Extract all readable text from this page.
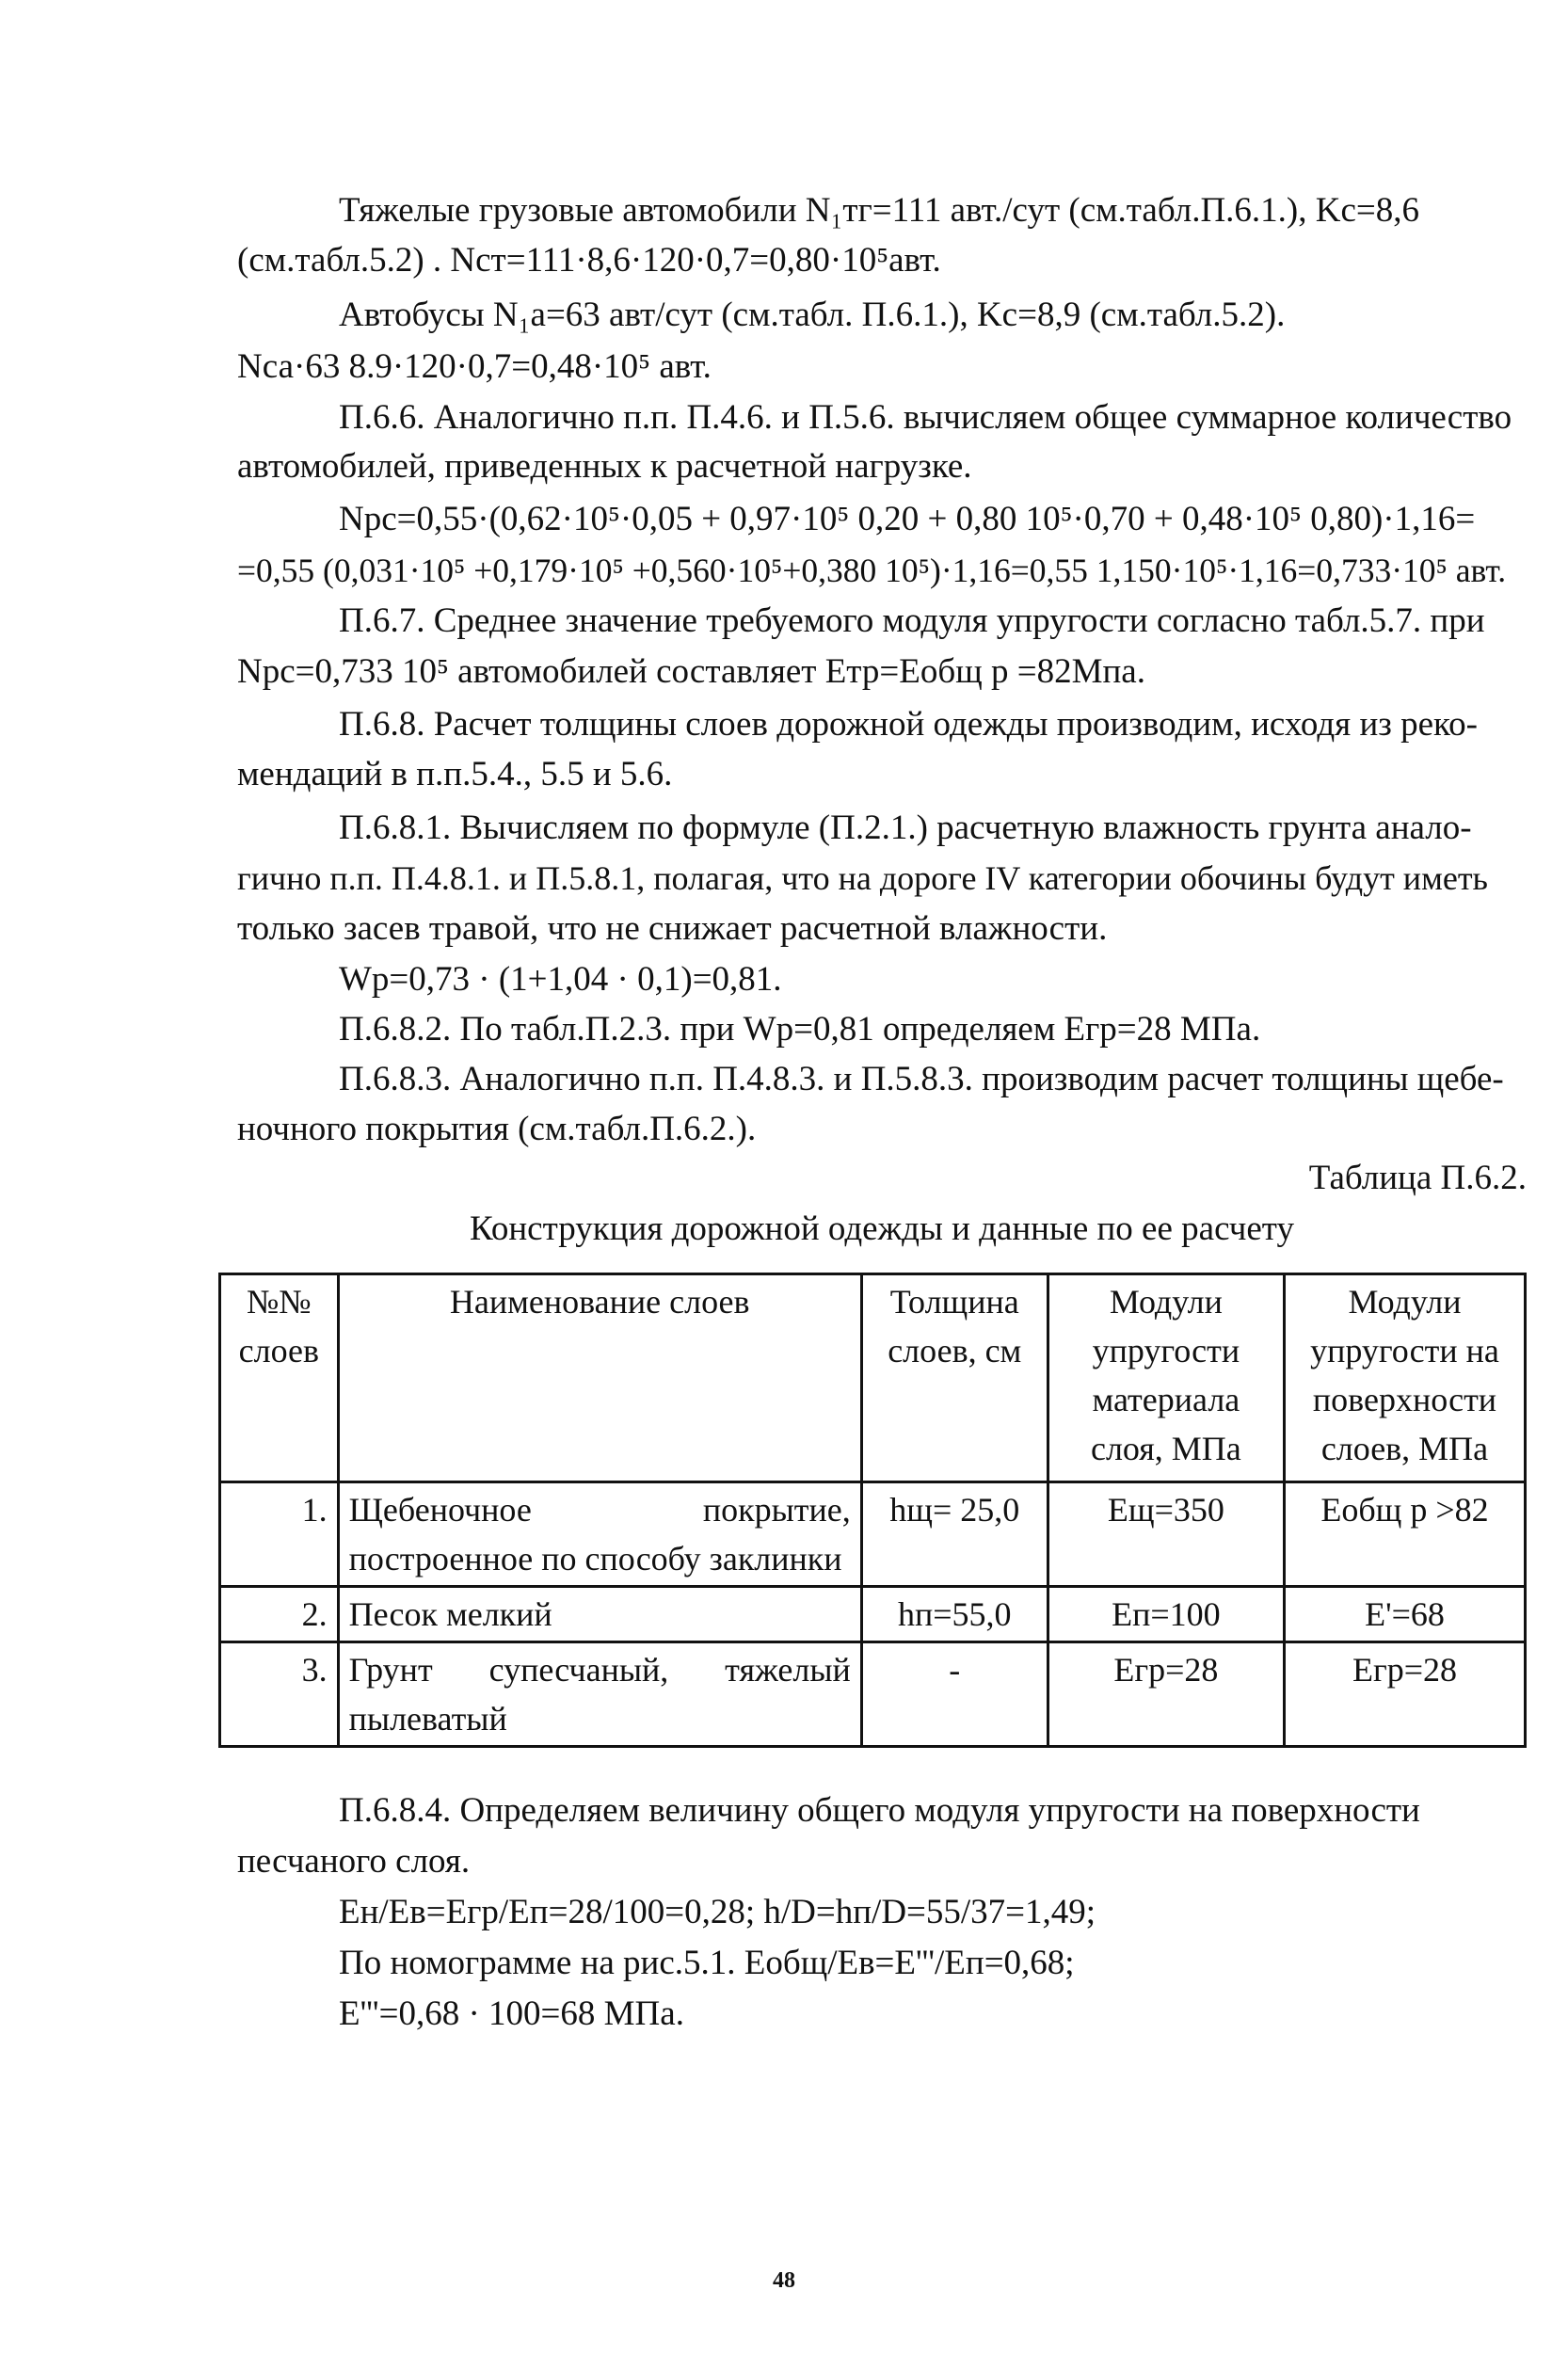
Тяжелые грузовые автомобили N₁тг=111 авт./сут (см.табл.П.6.1.), Kс=8,6
(см.табл.5.2) . Nст=111·8,6·120·0,7=0,80·10⁵авт.
Автобусы N₁а=63 авт/сут (см.табл. П.6.1.), Kс=8,9 (см.табл.5.2).
Nса·63 8.9·120·0,7=0,48·10⁵ авт.
П.6.6. Аналогично п.п. П.4.6. и П.5.6. вычисляем общее суммарное количество
автомобилей, приведенных к расчетной нагрузке.
Nрс=0,55·(0,62·10⁵·0,05 + 0,97·10⁵ 0,20 + 0,80 10⁵·0,70 + 0,48·10⁵ 0,80)·1,16=
=0,55 (0,031·10⁵ +0,179·10⁵ +0,560·10⁵+0,380 10⁵)·1,16=0,55 1,150·10⁵·1,16=0,733·10⁵ авт.
П.6.7. Среднее значение требуемого модуля упругости согласно табл.5.7. при
Nрс=0,733 10⁵ автомобилей составляет Eтр=Eобщ р =82Мпа.
П.6.8. Расчет толщины слоев дорожной одежды производим, исходя из реко-
мендаций в п.п.5.4., 5.5 и 5.6.
П.6.8.1. Вычисляем по формуле (П.2.1.) расчетную влажность грунта анало-
гично п.п. П.4.8.1. и П.5.8.1, полагая, что на дороге IV категории обочины будут иметь
только засев травой, что не снижает расчетной влажности.
Wр=0,73 · (1+1,04 · 0,1)=0,81.
П.6.8.2. По табл.П.2.3. при Wр=0,81 определяем Eгр=28 МПа.
П.6.8.3. Аналогично п.п. П.4.8.3. и П.5.8.3. производим расчет толщины щебе-
ночного покрытия (см.табл.П.6.2.).
Таблица П.6.2.
Конструкция дорожной одежды и данные по ее расчету
№№ слоев	Наименование слоев	Толщина слоев, см	Модули упругости материала слоя, МПа	Модули упругости на поверхности слоев, МПа
1.	Щебеночное покрытие, построенное по способу заклинки	hщ= 25,0	Eщ=350	Eобщ р >82
2.	Песок мелкий	hп=55,0	Eп=100	E'=68
3.	Грунт супесчаный, тяжелый пылеватый	-	Eгр=28	Eгр=28
П.6.8.4. Определяем величину общего модуля упругости на поверхности
песчаного слоя.
Eн/Eв=Eгр/Eп=28/100=0,28; h/D=hп/D=55/37=1,49;
По номограмме на рис.5.1. Eобщ/Eв=E'''/Eп=0,68;
E'''=0,68 · 100=68 МПа.
48
